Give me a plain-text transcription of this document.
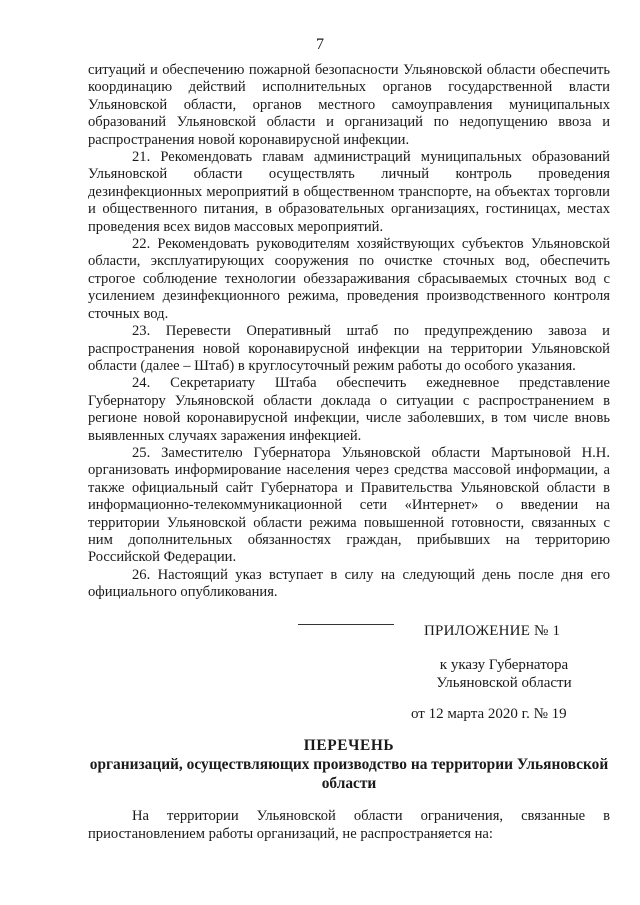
7

ситуаций и обеспечению пожарной безопасности Ульяновской области обеспечить координацию действий исполнительных органов государственной власти Ульяновской области, органов местного самоуправления муниципальных образований Ульяновской области и организаций по недопущению ввоза и распространения новой коронавирусной инфекции.

21. Рекомендовать главам администраций муниципальных образований Ульяновской области осуществлять личный контроль проведения дезинфекционных мероприятий в общественном транспорте, на объектах торговли и общественного питания, в образовательных организациях, гостиницах, местах проведения всех видов массовых мероприятий.

22. Рекомендовать руководителям хозяйствующих субъектов Ульяновской области, эксплуатирующих сооружения по очистке сточных вод, обеспечить строгое соблюдение технологии обеззараживания сбрасываемых сточных вод с усилением дезинфекционного режима, проведения производственного контроля сточных вод.

23. Перевести Оперативный штаб по предупреждению завоза и распространения новой коронавирусной инфекции на территории Ульяновской области (далее – Штаб) в круглосуточный режим работы до особого указания.

24. Секретариату Штаба обеспечить ежедневное представление Губернатору Ульяновской области доклада о ситуации с распространением в регионе новой коронавирусной инфекции, числе заболевших, в том числе вновь выявленных случаях заражения инфекцией.

25. Заместителю Губернатора Ульяновской области Мартыновой Н.Н. организовать информирование населения через средства массовой информации, а также официальный сайт Губернатора и Правительства Ульяновской области в информационно-телекоммуникационной сети «Интернет» о введении на территории Ульяновской области режима повышенной готовности, связанных с ним дополнительных обязанностях граждан, прибывших на территорию Российской Федерации.

26. Настоящий указ вступает в силу на следующий день после дня его официального опубликования.

ПРИЛОЖЕНИЕ № 1
к указу Губернатора Ульяновской области
от 12 марта 2020 г. № 19
ПЕРЕЧЕНЬ
организаций, осуществляющих производство на территории Ульяновской области

На территории Ульяновской области ограничения, связанные в приостановлением работы организаций, не распространяется на:
